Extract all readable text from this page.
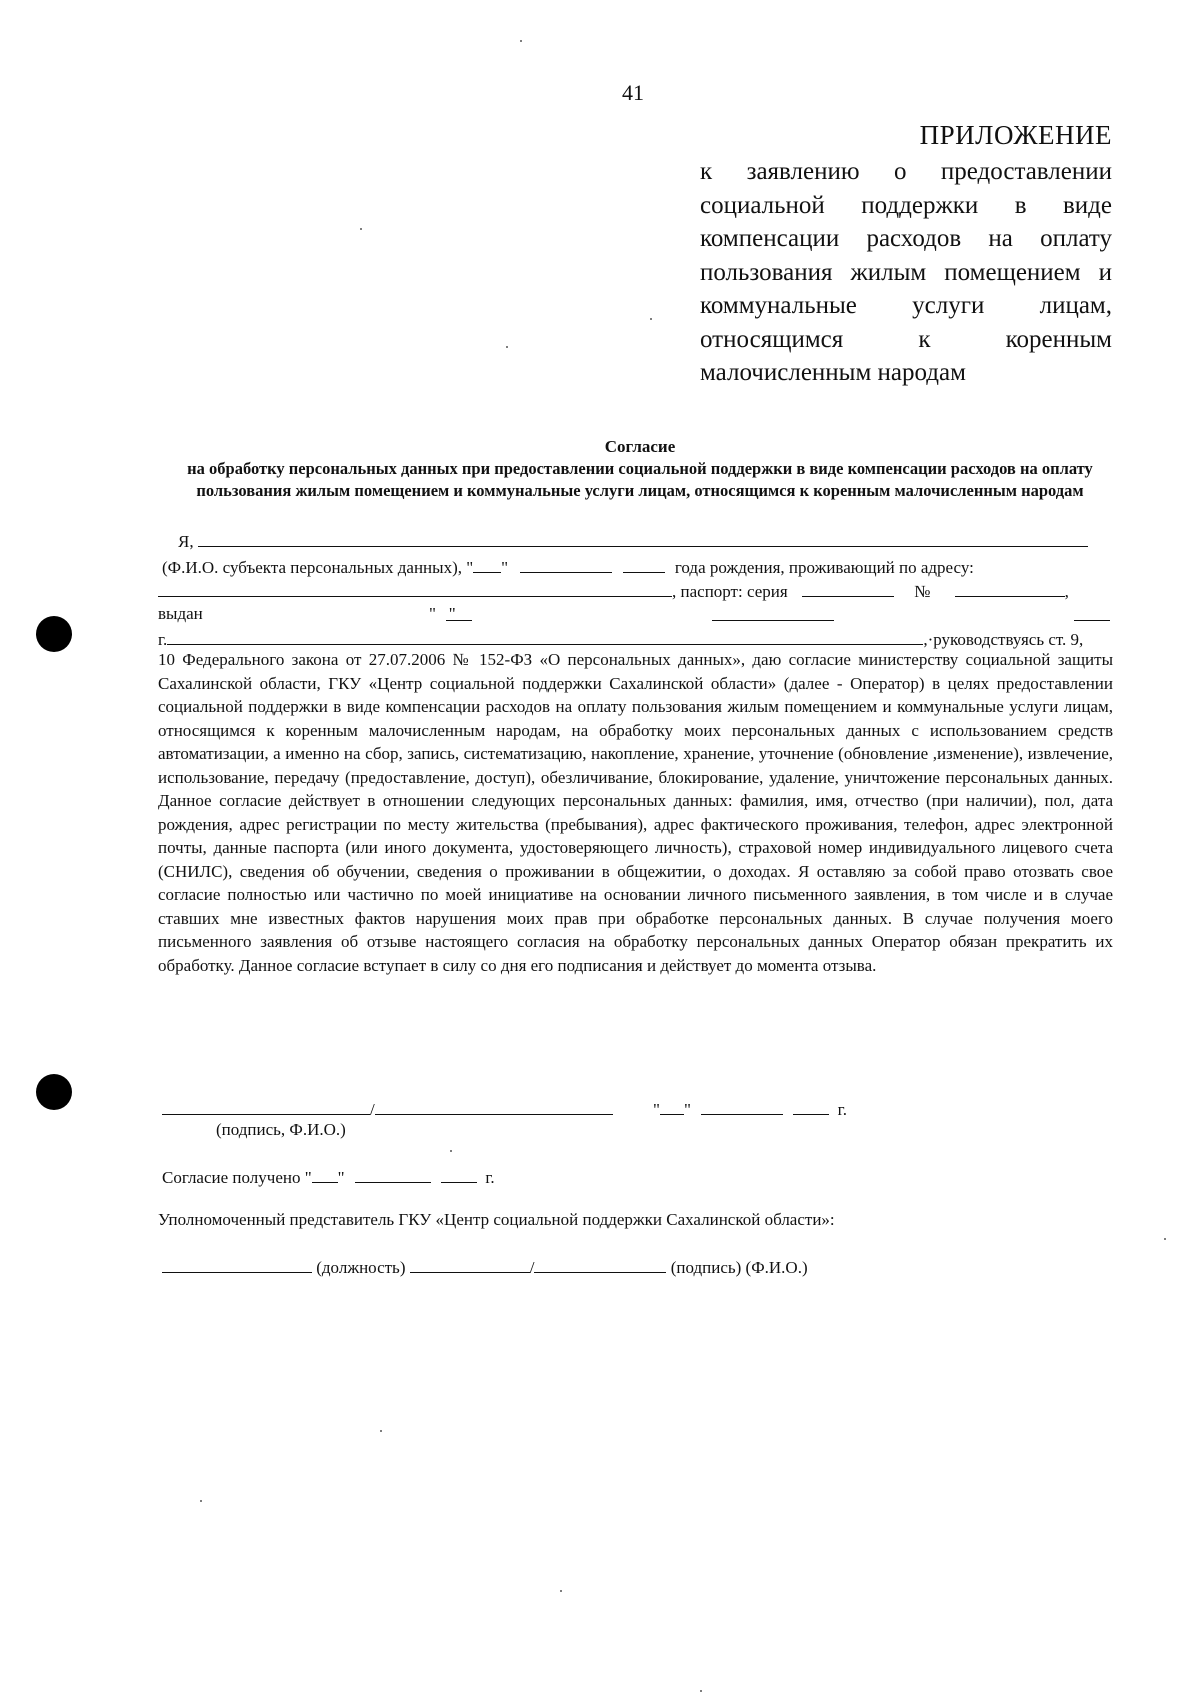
41
ПРИЛОЖЕНИЕ
к заявлению о предоставлении социальной поддержки в виде компенсации расходов на оплату пользования жилым помещением и коммунальные услуги лицам, относящимся к коренным малочисленным народам
Согласие
на обработку персональных данных при предоставлении социальной поддержки в виде компенсации расходов на оплату пользования жилым помещением и коммунальные услуги лицам, относящимся к коренным малочисленным народам
Я,
(Ф.И.О. субъекта персональных данных), " "	года рождения, проживающий по адресу:
, паспорт: серия	№	,
выдан	"   "
г.	,·руководствуясь ст. 9,
10 Федерального закона от 27.07.2006 № 152-ФЗ «О персональных данных», даю согласие министерству социальной защиты Сахалинской области, ГКУ «Центр социальной поддержки Сахалинской области» (далее - Оператор) в целях предоставлении социальной поддержки в виде компенсации расходов на оплату пользования жилым помещением и коммунальные услуги лицам, относящимся к коренным малочисленным народам, на обработку моих персональных данных с использованием средств автоматизации, а именно на сбор, запись, систематизацию, накопление, хранение, уточнение (обновление ,изменение), извлечение, использование, передачу (предоставление, доступ), обезличивание, блокирование, удаление, уничтожение персональных данных. Данное согласие действует в отношении следующих персональных данных: фамилия, имя, отчество (при наличии), пол, дата рождения, адрес регистрации по месту жительства (пребывания), адрес фактического проживания, телефон, адрес электронной почты, данные паспорта (или иного документа, удостоверяющего личность), страховой номер индивидуального лицевого счета (СНИЛС), сведения об обучении, сведения о проживании в общежитии, о доходах. Я оставляю за собой право отозвать свое согласие полностью или частично по моей инициативе на основании личного письменного заявления, в том числе и в случае ставших мне известных фактов нарушения моих прав при обработке персональных данных. В случае получения моего письменного заявления об отзыве настоящего согласия на обработку персональных данных Оператор обязан прекратить их обработку. Данное согласие вступает в силу со дня его подписания и действует до момента отзыва.
/	" "	г.
(подпись, Ф.И.О.)
Согласие получено " "	г.
Уполномоченный представитель ГКУ «Центр социальной поддержки Сахалинской области»:
(должность)	/	(подпись) (Ф.И.О.)
